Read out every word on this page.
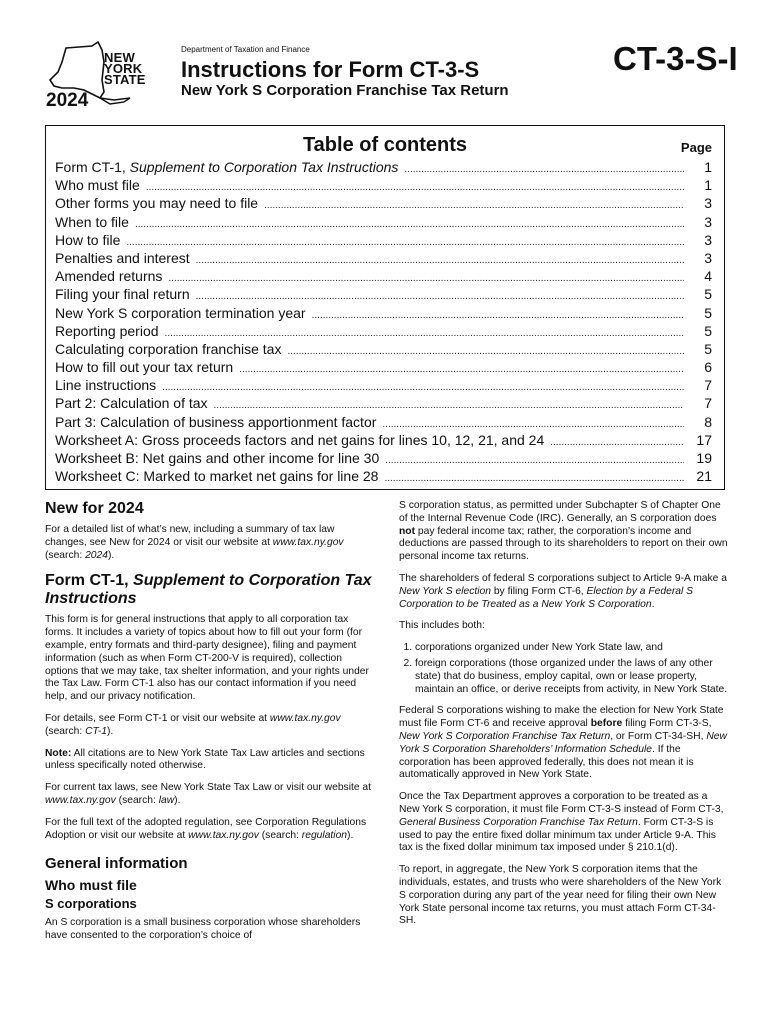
NEW
YORK
STATE
2024
Department of Taxation and Finance
Instructions for Form CT-3-S
New York S Corporation Franchise Tax Return
CT-3-S-I
Table of contents	Page
Form CT-1, Supplement to Corporation Tax Instructions .....	1
Who must file .....	1
Other forms you may need to file .....	3
When to file .....	3
How to file .....	3
Penalties and interest .....	3
Amended returns .....	4
Filing your final return .....	5
New York S corporation termination year .....	5
Reporting period .....	5
Calculating corporation franchise tax .....	5
How to fill out your tax return .....	6
Line instructions .....	7
Part 2: Calculation of tax .....	7
Part 3: Calculation of business apportionment factor .....	8
Worksheet A: Gross proceeds factors and net gains for lines 10, 12, 21, and 24 .....	17
Worksheet B: Net gains and other income for line 30 .....	19
Worksheet C: Marked to market net gains for line 28 .....	21
New for 2024

For a detailed list of what’s new, including a summary of tax law changes, see New for 2024 or visit our website at www.tax.ny.gov (search: 2024).

Form CT-1, Supplement to Corporation Tax Instructions

This form is for general instructions that apply to all corporation tax forms. It includes a variety of topics about how to fill out your form (for example, entry formats and third-party designee), filing and payment information (such as when Form CT-200-V is required), collection options that we may take, tax shelter information, and your rights under the Tax Law. Form CT-1 also has our contact information if you need help, and our privacy notification.

For details, see Form CT-1 or visit our website at www.tax.ny.gov (search: CT-1).

Note: All citations are to New York State Tax Law articles and sections unless specifically noted otherwise.

For current tax laws, see New York State Tax Law or visit our website at www.tax.ny.gov (search: law).

For the full text of the adopted regulation, see Corporation Regulations Adoption or visit our website at www.tax.ny.gov (search: regulation).

General information
Who must file
S corporations

An S corporation is a small business corporation whose shareholders have consented to the corporation’s choice of

S corporation status, as permitted under Subchapter S of Chapter One of the Internal Revenue Code (IRC). Generally, an S corporation does not pay federal income tax; rather, the corporation’s income and deductions are passed through to its shareholders to report on their own personal income tax returns.

The shareholders of federal S corporations subject to Article 9-A make a New York S election by filing Form CT-6, Election by a Federal S Corporation to be Treated as a New York S Corporation.

This includes both:

1. corporations organized under New York State law, and
2. foreign corporations (those organized under the laws of any other state) that do business, employ capital, own or lease property, maintain an office, or derive receipts from activity, in New York State.

Federal S corporations wishing to make the election for New York State must file Form CT-6 and receive approval before filing Form CT-3-S, New York S Corporation Franchise Tax Return, or Form CT-34-SH, New York S Corporation Shareholders’ Information Schedule. If the corporation has been approved federally, this does not mean it is automatically approved in New York State.

Once the Tax Department approves a corporation to be treated as a New York S corporation, it must file Form CT-3-S instead of Form CT-3, General Business Corporation Franchise Tax Return. Form CT-3-S is used to pay the entire fixed dollar minimum tax under Article 9-A. This tax is the fixed dollar minimum tax imposed under § 210.1(d).

To report, in aggregate, the New York S corporation items that the individuals, estates, and trusts who were shareholders of the New York S corporation during any part of the year need for filing their own New York State personal income tax returns, you must attach Form CT-34-SH.
